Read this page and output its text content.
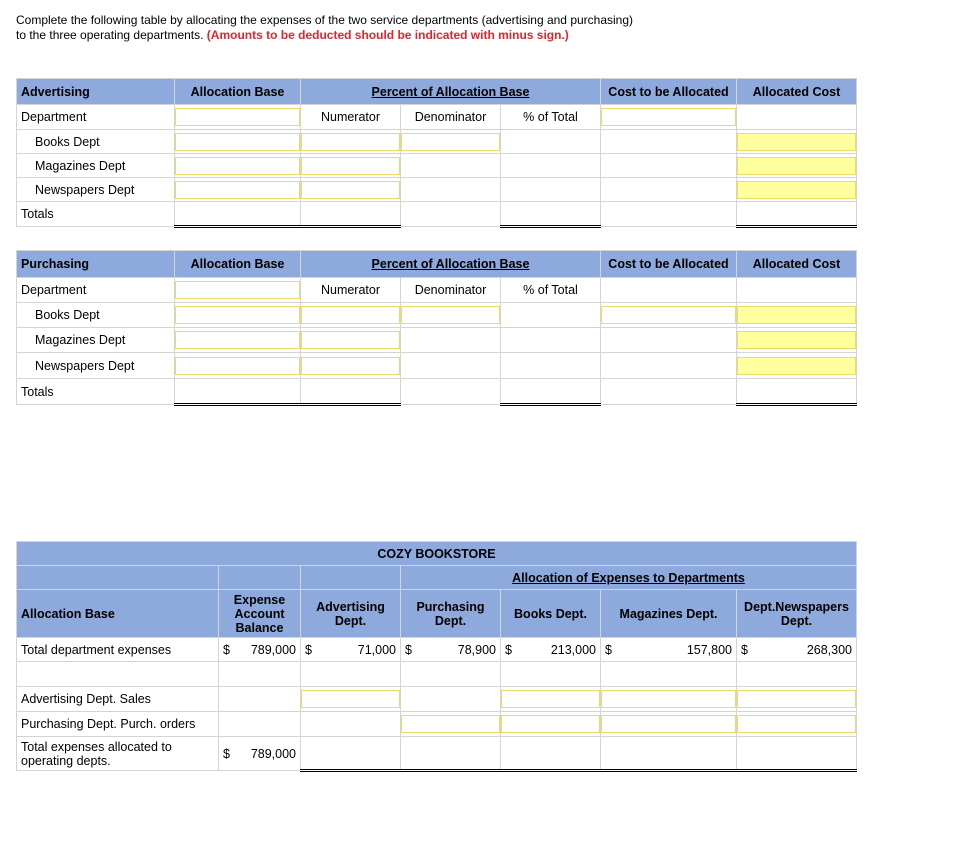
Complete the following table by allocating the expenses of the two service departments (advertising and purchasing) to the three operating departments. (Amounts to be deducted should be indicated with minus sign.)
Advertising	Allocation Base	Percent of Allocation Base			Cost to be Allocated	Allocated Cost
Department		Numerator	Denominator	% of Total	

Books Dept	

Magazines Dept	

Newspapers Dept	

Totals						
Purchasing	Allocation Base	Percent of Allocation Base			Cost to be Allocated	Allocated Cost
Department		Numerator	Denominator	% of Total		
Books Dept	

Magazines Dept	

Newspapers Dept	

Totals						
COZY BOOKSTORE						
			Allocation of Expenses to Departments			
Allocation Base	Expense Account Balance	Advertising Dept.	Purchasing Dept.	Books Dept.	Magazines Dept.	Dept.Newspapers Dept.
Total department expenses	$ 789,000	$ 71,000	$ 78,900	$ 213,000	$ 157,800	$ 268,300

Advertising Dept. Sales		

Purchasing Dept. Purch. orders			

Total expenses allocated to operating depts.	$ 789,000					
